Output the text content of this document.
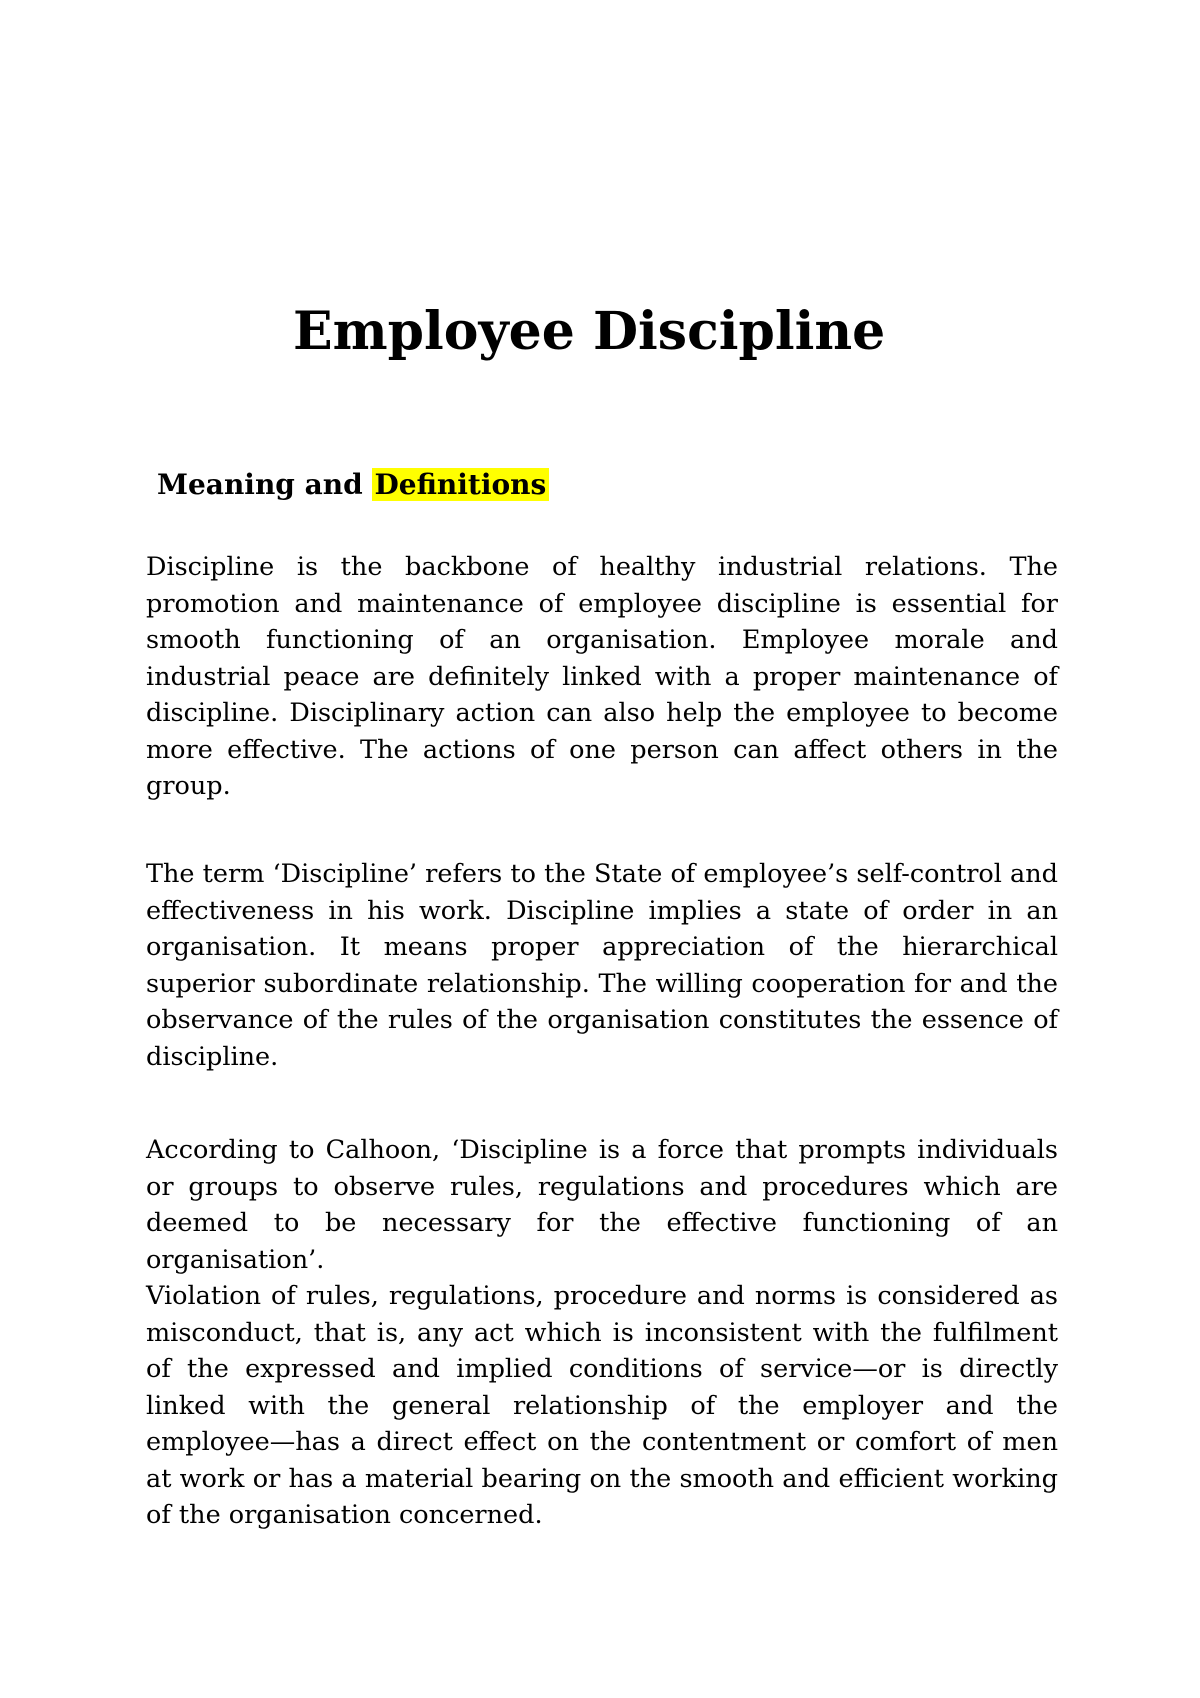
Employee Discipline
Meaning and Definitions

Discipline is the backbone of healthy industrial relations. The promotion and maintenance of employee discipline is essential for smooth functioning of an organisation. Employee morale and industrial peace are definitely linked with a proper maintenance of discipline. Disciplinary action can also help the employee to become more effective. The actions of one person can affect others in the group.

The term ‘Discipline’ refers to the State of employee’s self-control and effectiveness in his work. Discipline implies a state of order in an organisation. It means proper appreciation of the hierarchical superior subordinate relationship. The willing cooperation for and the observance of the rules of the organisation constitutes the essence of discipline.

According to Calhoon, ‘Discipline is a force that prompts individuals or groups to observe rules, regulations and procedures which are deemed to be necessary for the effective functioning of an organisation’.

Violation of rules, regulations, procedure and norms is considered as misconduct, that is, any act which is inconsistent with the fulfilment of the expressed and implied conditions of service—or is directly linked with the general relationship of the employer and the employee—has a direct effect on the contentment or comfort of men at work or has a material bearing on the smooth and efficient working of the organisation concerned.
